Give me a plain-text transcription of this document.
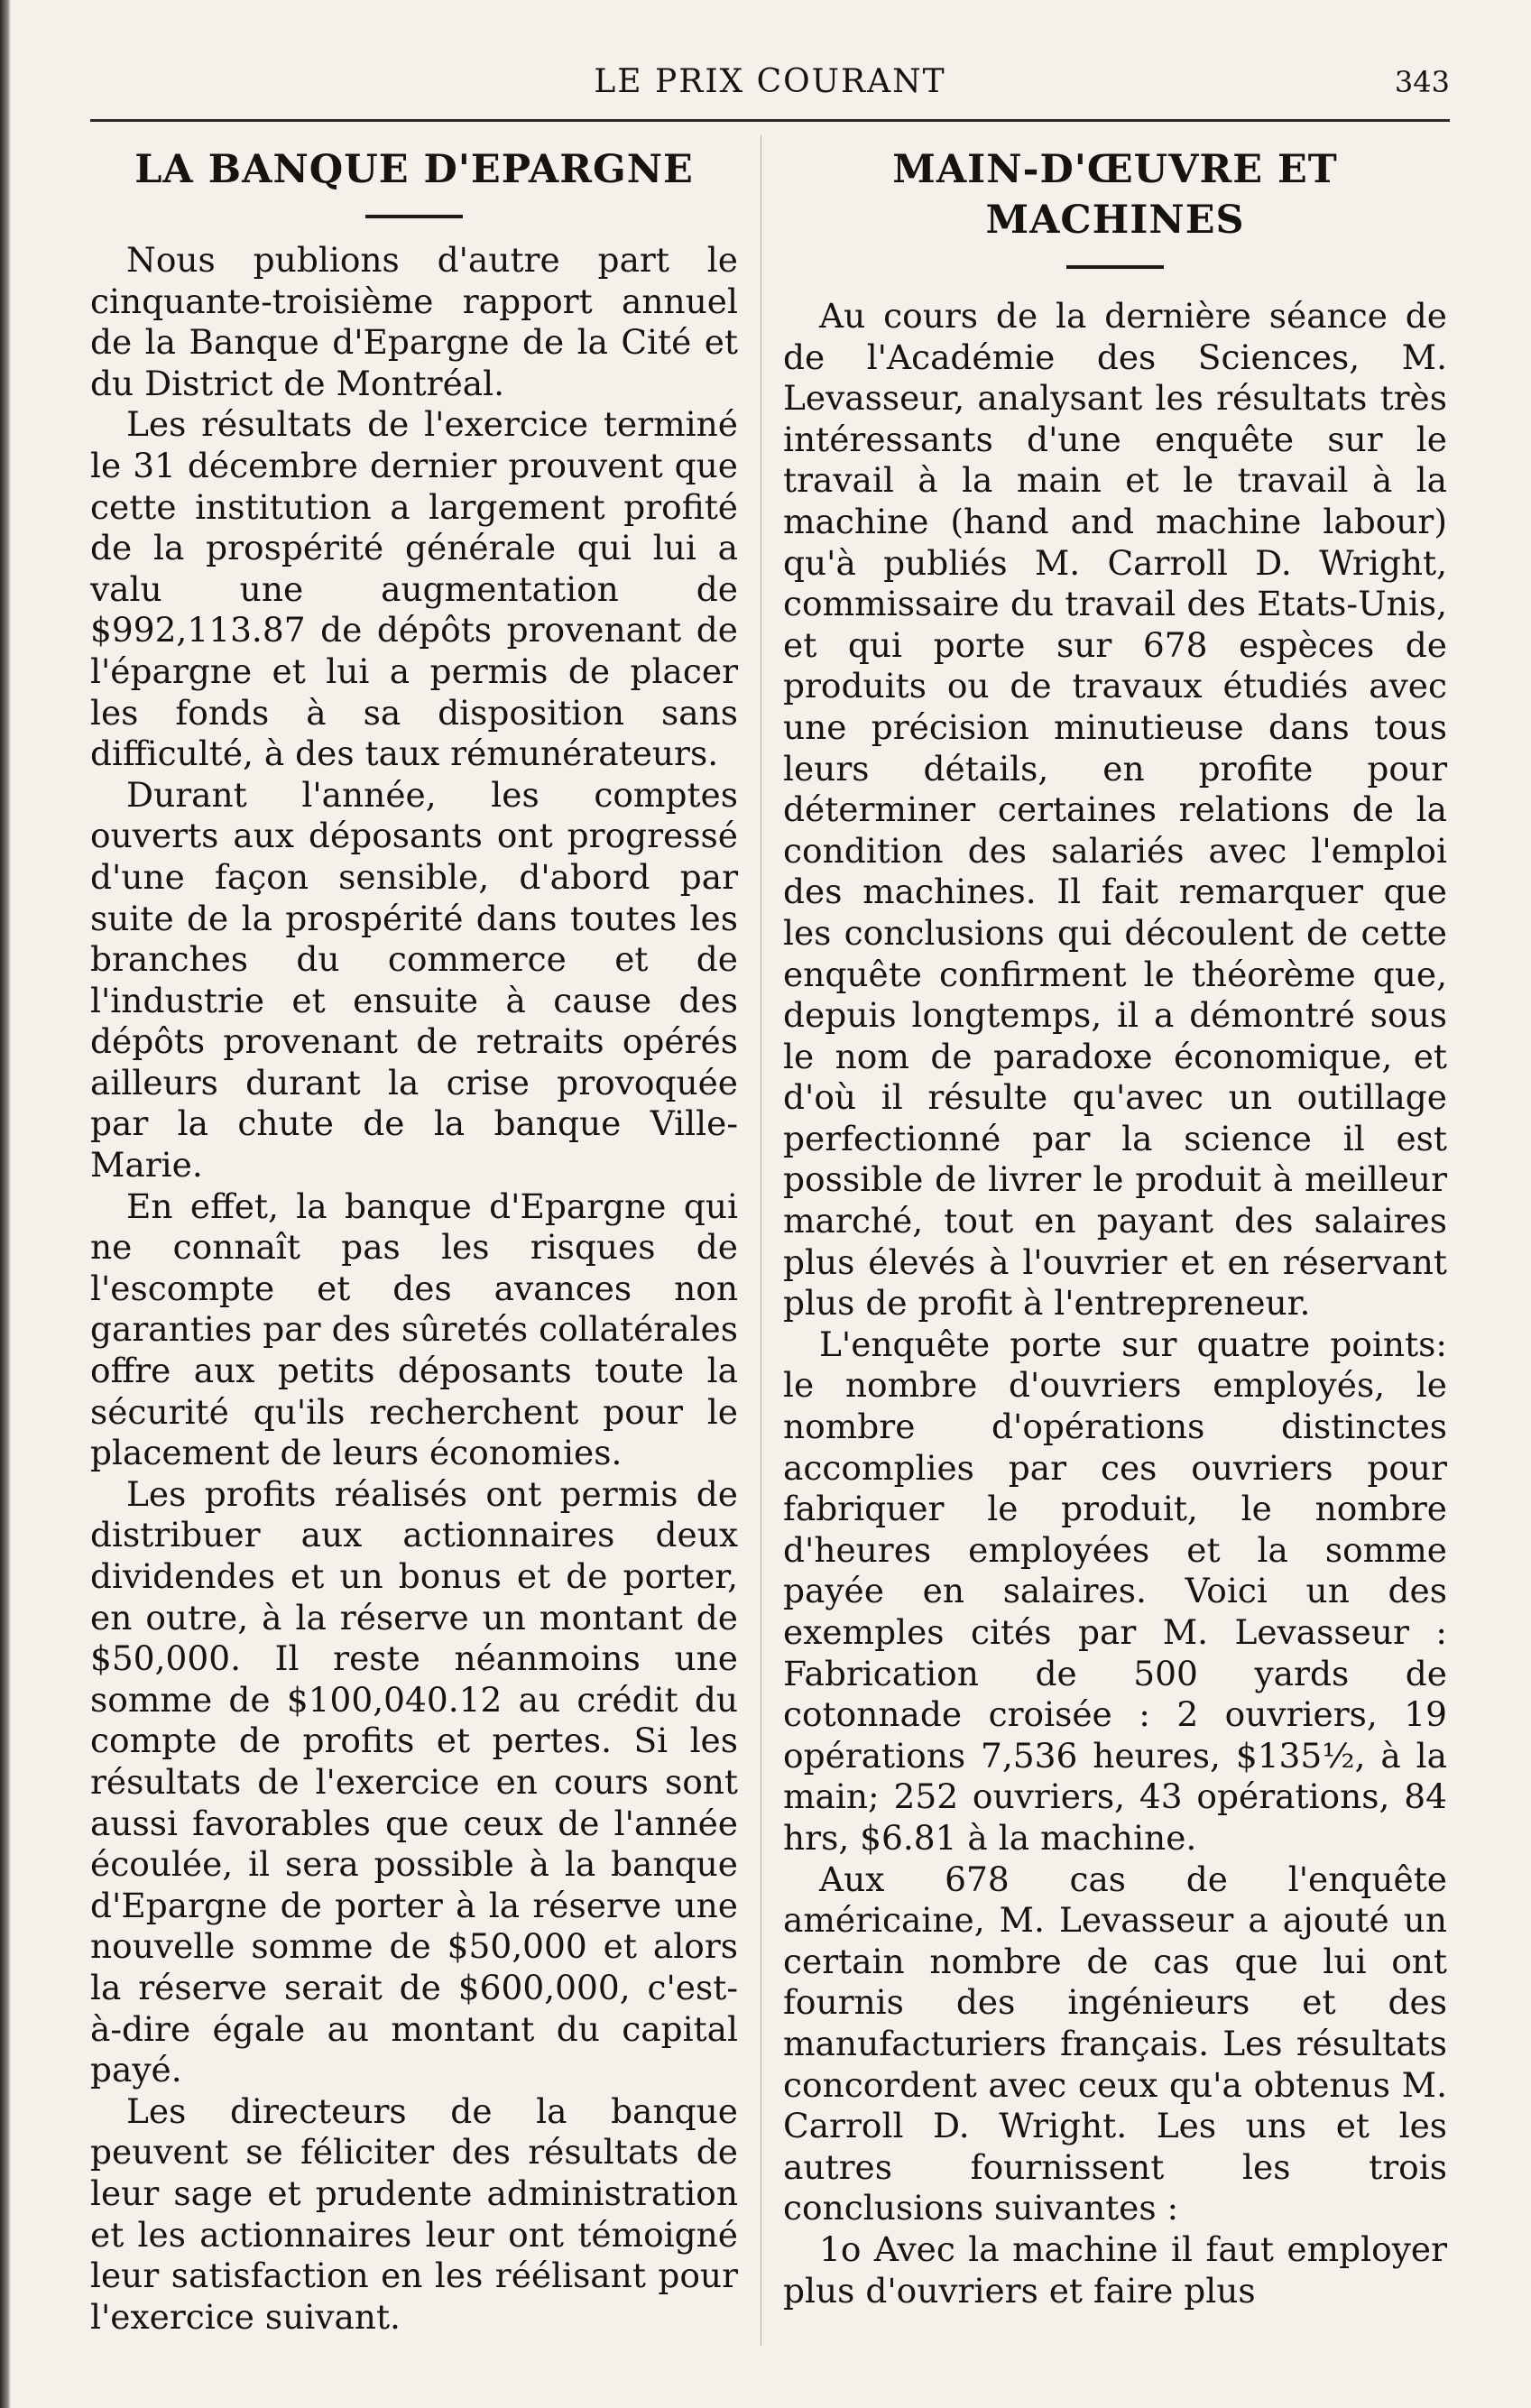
LE PRIX COURANT	343
LA BANQUE D'EPARGNE

Nous publions d'autre part le cinquante-troisième rapport annuel de la Banque d'Epargne de la Cité et du District de Montréal.

Les résultats de l'exercice terminé le 31 décembre dernier prouvent que cette institution a largement profité de la prospérité générale qui lui a valu une augmentation de $992,113.87 de dépôts provenant de l'épargne et lui a permis de placer les fonds à sa disposition sans difficulté, à des taux rémunérateurs.

Durant l'année, les comptes ouverts aux déposants ont progressé d'une façon sensible, d'abord par suite de la prospérité dans toutes les branches du commerce et de l'industrie et ensuite à cause des dépôts provenant de retraits opérés ailleurs durant la crise provoquée par la chute de la banque Ville-Marie.

En effet, la banque d'Epargne qui ne connaît pas les risques de l'escompte et des avances non garanties par des sûretés collatérales offre aux petits déposants toute la sécurité qu'ils recherchent pour le placement de leurs économies.

Les profits réalisés ont permis de distribuer aux actionnaires deux dividendes et un bonus et de porter, en outre, à la réserve un montant de $50,000. Il reste néanmoins une somme de $100,040.12 au crédit du compte de profits et pertes. Si les résultats de l'exercice en cours sont aussi favorables que ceux de l'année écoulée, il sera possible à la banque d'Epargne de porter à la réserve une nouvelle somme de $50,000 et alors la réserve serait de $600,000, c'est-à-dire égale au montant du capital payé.

Les directeurs de la banque peuvent se féliciter des résultats de leur sage et prudente administration et les actionnaires leur ont témoigné leur satisfaction en les réélisant pour l'exercice suivant.

MAIN-D'ŒUVRE ET MACHINES

Au cours de la dernière séance de de l'Académie des Sciences, M. Levasseur, analysant les résultats très intéressants d'une enquête sur le travail à la main et le travail à la machine (hand and machine labour) qu'à publiés M. Carroll D. Wright, commissaire du travail des Etats-Unis, et qui porte sur 678 espèces de produits ou de travaux étudiés avec une précision minutieuse dans tous leurs détails, en profite pour déterminer certaines relations de la condition des salariés avec l'emploi des machines. Il fait remarquer que les conclusions qui découlent de cette enquête confirment le théorème que, depuis longtemps, il a démontré sous le nom de paradoxe économique, et d'où il résulte qu'avec un outillage perfectionné par la science il est possible de livrer le produit à meilleur marché, tout en payant des salaires plus élevés à l'ouvrier et en réservant plus de profit à l'entrepreneur.

L'enquête porte sur quatre points: le nombre d'ouvriers employés, le nombre d'opérations distinctes accomplies par ces ouvriers pour fabriquer le produit, le nombre d'heures employées et la somme payée en salaires. Voici un des exemples cités par M. Levasseur : Fabrication de 500 yards de cotonnade croisée : 2 ouvriers, 19 opérations 7,536 heures, $135½, à la main; 252 ouvriers, 43 opérations, 84 hrs, $6.81 à la machine.

Aux 678 cas de l'enquête américaine, M. Levasseur a ajouté un certain nombre de cas que lui ont fournis des ingénieurs et des manufacturiers français. Les résultats concordent avec ceux qu'a obtenus M. Carroll D. Wright. Les uns et les autres fournissent les trois conclusions suivantes :

1o Avec la machine il faut employer plus d'ouvriers et faire plus
